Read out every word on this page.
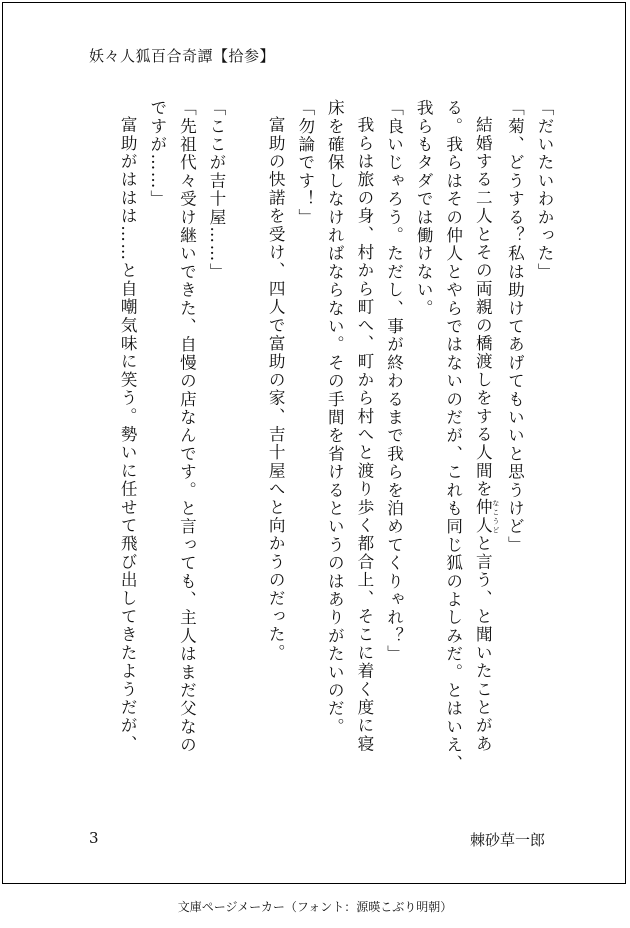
妖々人狐百合奇譚【拾参】
「だいたいわかった」
「菊、どうする？私は助けてあげてもいいと思うけど」
結婚する二人とその両親の橋渡しをする人間を仲人 なこうどと言う、と聞いたことがあ
る。我らはその仲人とやらではないのだが、これも同じ狐のよしみだ。とはいえ、
我らもタダでは働けない。
「良いじゃろう。ただし、事が終わるまで我らを泊めてくりゃれ？」
我らは旅の身、村から町へ、町から村へと渡り歩く都合上、そこに着く度に寝
床を確保しなければならない。その手間を省けるというのはありがたいのだ。
「勿論です！」
富助の快諾を受け、四人で富助の家、吉十屋へと向かうのだった。

「ここが吉十屋……」
「先祖代々受け継いできた、自慢の店なんです。と言っても、主人はまだ父なの
ですが……」
富助がははは……と自嘲気味に笑う。勢いに任せて飛び出してきたようだが、
3	棘砂草一郎
文庫ページメーカー（フォント：源暎こぶり明朝）
